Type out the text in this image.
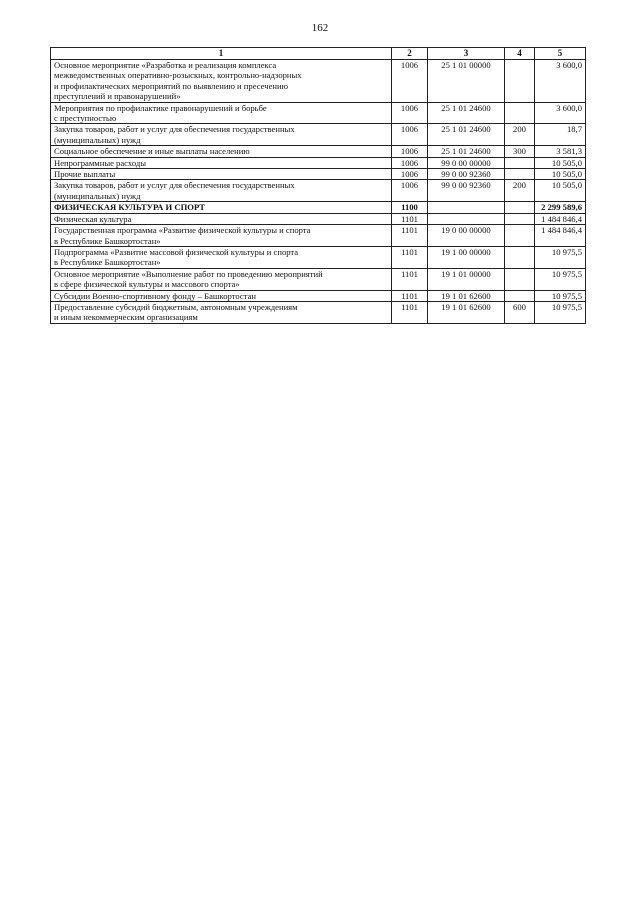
162
1	2	3	4	5
Основное мероприятие «Разработка и реализация комплекса
межведомственных оперативно-розыскных, контрольно-надзорных
и профилактических мероприятий по выявлению и пресечению
преступлений и правонарушений»	1006	25 1 01 00000		3 600,0
Мероприятия по профилактике правонарушений и борьбе
с преступностью	1006	25 1 01 24600		3 600,0
Закупка товаров, работ и услуг для обеспечения государственных
(муниципальных) нужд	1006	25 1 01 24600	200	18,7
Социальное обеспечение и иные выплаты населению	1006	25 1 01 24600	300	3 581,3
Непрограммные расходы	1006	99 0 00 00000		10 505,0
Прочие выплаты	1006	99 0 00 92360		10 505,0
Закупка товаров, работ и услуг для обеспечения государственных
(муниципальных) нужд	1006	99 0 00 92360	200	10 505,0
ФИЗИЧЕСКАЯ КУЛЬТУРА И СПОРТ	1100			2 299 589,6
Физическая культура	1101			1 484 846,4
Государственная программа «Развитие физической культуры и спорта
в Республике Башкортостан»	1101	19 0 00 00000		1 484 846,4
Подпрограмма «Развитие массовой физической культуры и спорта
в Республике Башкортостан»	1101	19 1 00 00000		10 975,5
Основное мероприятие «Выполнение работ по проведению мероприятий
в сфере физической культуры и массового спорта»	1101	19 1 01 00000		10 975,5
Субсидии Военно-спортивному фонду – Башкортостан	1101	19 1 01 62600		10 975,5
Предоставление субсидий бюджетным, автономным учреждениям
и иным некоммерческим организациям	1101	19 1 01 62600	600	10 975,5
